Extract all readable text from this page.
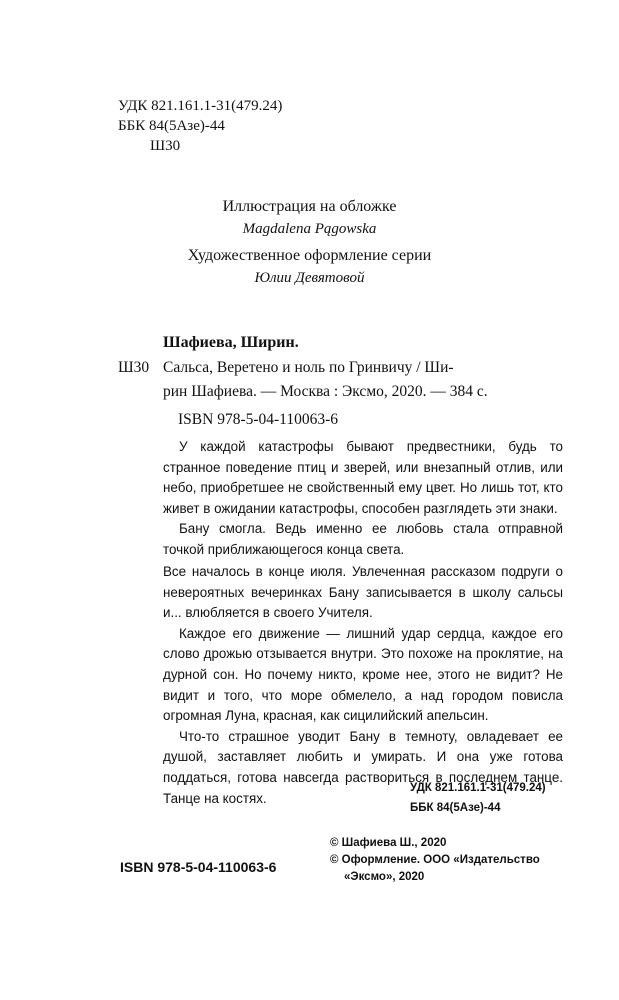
УДК 821.161.1-31(479.24)
ББК 84(5Азе)-44
Ш30
Иллюстрация на обложке
Magdalena Pągowska
Художественное оформление серии
Юлии Девятовой
Шафиева, Ширин.
Ш30 Сальса, Веретено и ноль по Гринвичу / Ши-
рин Шафиева. — Москва : Эксмо, 2020. — 384 с.
ISBN 978-5-04-110063-6

У каждой катастрофы бывают предвестники, будь то странное поведение птиц и зверей, или внезапный отлив, или небо, приобретшее не свойственный ему цвет. Но лишь тот, кто живет в ожидании катастрофы, способен разглядеть эти знаки.

Бану смогла. Ведь именно ее любовь стала отправной точкой приближающегося конца света.

Все началось в конце июля. Увлеченная рассказом подруги о невероятных вечеринках Бану записывается в школу сальсы и... влюбляется в своего Учителя.

Каждое его движение — лишний удар сердца, каждое его слово дрожью отзывается внутри. Это похоже на проклятие, на дурной сон. Но почему никто, кроме нее, этого не видит? Не видит и того, что море обмелело, а над городом повисла огромная Луна, красная, как сицилийский апельсин.

Что-то страшное уводит Бану в темноту, овладевает ее душой, заставляет любить и умирать. И она уже готова поддаться, готова навсегда раствориться в последнем танце. Танце на костях.

УДК 821.161.1-31(479.24)
ББК 84(5Азе)-44
ISBN 978-5-04-110063-6
© Шафиева Ш., 2020
© Оформление. ООО «Издательство
«Эксмо», 2020
